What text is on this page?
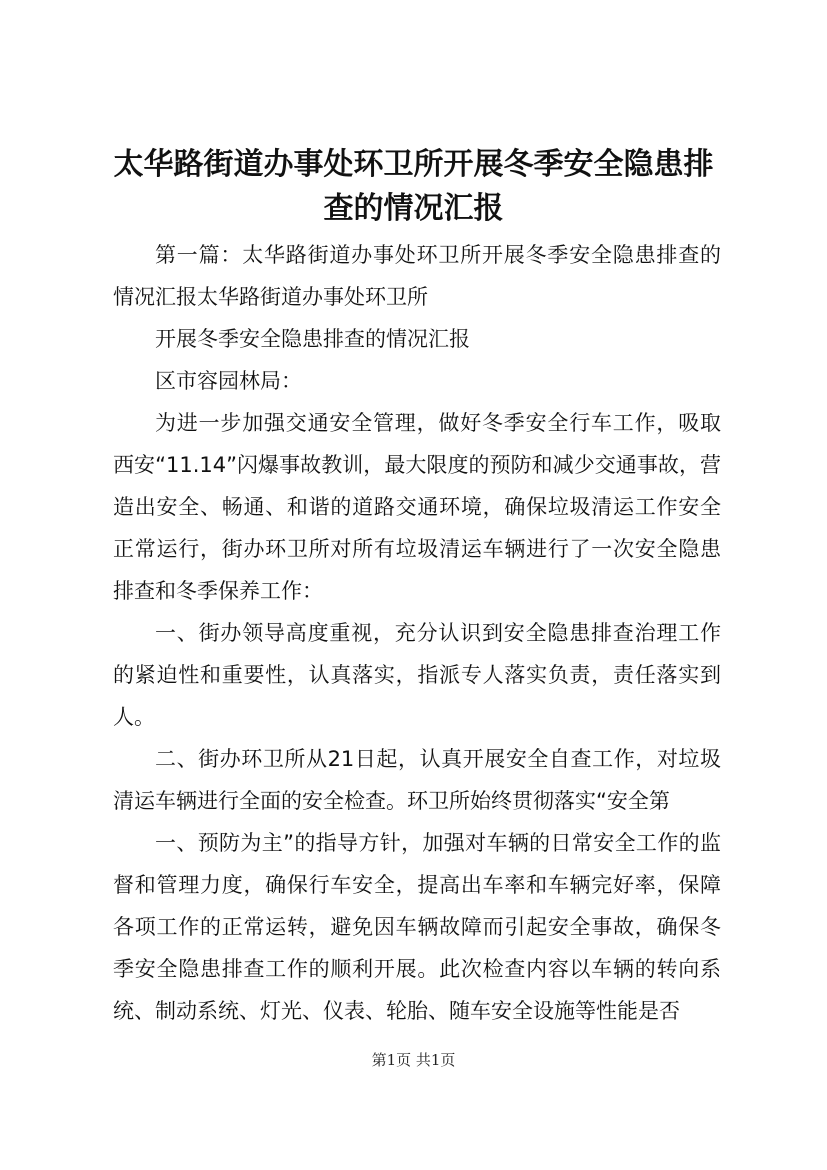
太华路街道办事处环卫所开展冬季安全隐患排查的情况汇报

第一篇：太华路街道办事处环卫所开展冬季安全隐患排查的情况汇报太华路街道办事处环卫所

开展冬季安全隐患排查的情况汇报

区市容园林局：

为进一步加强交通安全管理，做好冬季安全行车工作，吸取西安“11.14”闪爆事故教训，最大限度的预防和减少交通事故，营造出安全、畅通、和谐的道路交通环境，确保垃圾清运工作安全正常运行，街办环卫所对所有垃圾清运车辆进行了一次安全隐患排查和冬季保养工作：

一、街办领导高度重视，充分认识到安全隐患排查治理工作的紧迫性和重要性，认真落实，指派专人落实负责，责任落实到人。

二、街办环卫所从21日起，认真开展安全自查工作，对垃圾清运车辆进行全面的安全检查。环卫所始终贯彻落实“安全第

一、预防为主”的指导方针，加强对车辆的日常安全工作的监督和管理力度，确保行车安全，提高出车率和车辆完好率，保障各项工作的正常运转，避免因车辆故障而引起安全事故，确保冬季安全隐患排查工作的顺利开展。此次检查内容以车辆的转向系统、制动系统、灯光、仪表、轮胎、随车安全设施等性能是否

第1页 共1页
